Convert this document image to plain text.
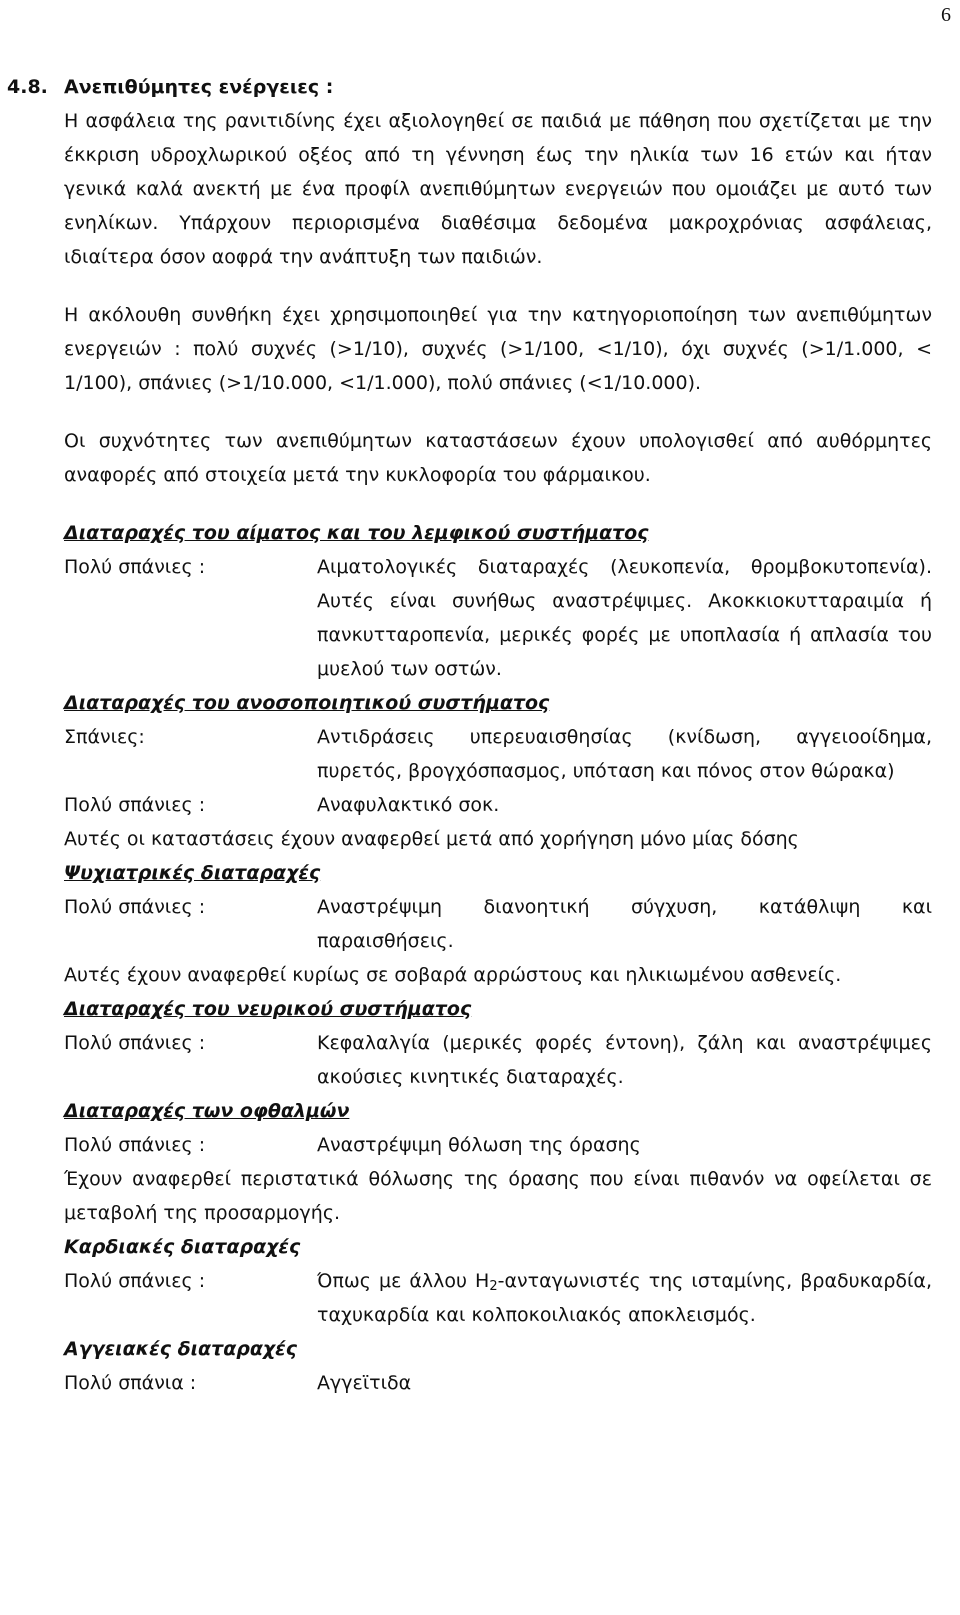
6
4.8. Ανεπιθύμητες ενέργειες :

Η ασφάλεια της ρανιτιδίνης έχει αξιολογηθεί σε παιδιά με πάθηση που σχετίζεται με την έκκριση υδροχλωρικού οξέος από τη γέννηση έως την ηλικία των 16 ετών και ήταν γενικά καλά ανεκτή με ένα προφίλ ανεπιθύμητων ενεργειών που ομοιάζει με αυτό των ενηλίκων. Υπάρχουν περιορισμένα διαθέσιμα δεδομένα μακροχρόνιας ασφάλειας, ιδιαίτερα όσον αοφρά την ανάπτυξη των παιδιών.

Η ακόλουθη συνθήκη έχει χρησιμοποιηθεί για την κατηγοριοποίηση των ανεπιθύμητων ενεργειών : πολύ συχνές (>1/10), συχνές (>1/100, <1/10), όχι συχνές (>1/1.000, < 1/100), σπάνιες (>1/10.000, <1/1.000), πολύ σπάνιες (<1/10.000).

Οι συχνότητες των ανεπιθύμητων καταστάσεων έχουν υπολογισθεί από αυθόρμητες αναφορές από στοιχεία μετά την κυκλοφορία του φάρμαικου.

Διαταραχές του αίματος και του λεμφικού συστήματος

Πολύ σπάνιες :	Αιματολογικές διαταραχές (λευκοπενία, θρομβοκυτοπενία). Αυτές είναι συνήθως αναστρέψιμες. Ακοκκιοκυτταραιμία ή πανκυτταροπενία, μερικές φορές με υποπλασία ή απλασία του μυελού των οστών.

Διαταραχές του ανοσοποιητικού συστήματος

Σπάνιες:	Αντιδράσεις υπερευαισθησίας (κνίδωση, αγγειοοίδημα, πυρετός, βρογχόσπασμος, υπόταση και πόνος στον θώρακα)
Πολύ σπάνιες :	Αναφυλακτικό σοκ.

Αυτές οι καταστάσεις έχουν αναφερθεί μετά από χορήγηση μόνο μίας δόσης

Ψυχιατρικές διαταραχές

Πολύ σπάνιες :	Αναστρέψιμη διανοητική σύγχυση, κατάθλιψη και παραισθήσεις.

Αυτές έχουν αναφερθεί κυρίως σε σοβαρά αρρώστους και ηλικιωμένου ασθενείς.

Διαταραχές του νευρικού συστήματος

Πολύ σπάνιες :	Κεφαλαλγία (μερικές φορές έντονη), ζάλη και αναστρέψιμες ακούσιες κινητικές διαταραχές.

Διαταραχές των οφθαλμών

Πολύ σπάνιες :	Αναστρέψιμη θόλωση της όρασης

Έχουν αναφερθεί περιστατικά θόλωσης της όρασης που είναι πιθανόν να οφείλεται σε μεταβολή της προσαρμογής.

Καρδιακές διαταραχές

Πολύ σπάνιες :	Όπως με άλλου $H_2$-ανταγωνιστές της ισταμίνης, βραδυκαρδία, ταχυκαρδία και κολποκοιλιακός αποκλεισμός.

Αγγειακές διαταραχές

Πολύ σπάνια :	Αγγεϊτιδα
